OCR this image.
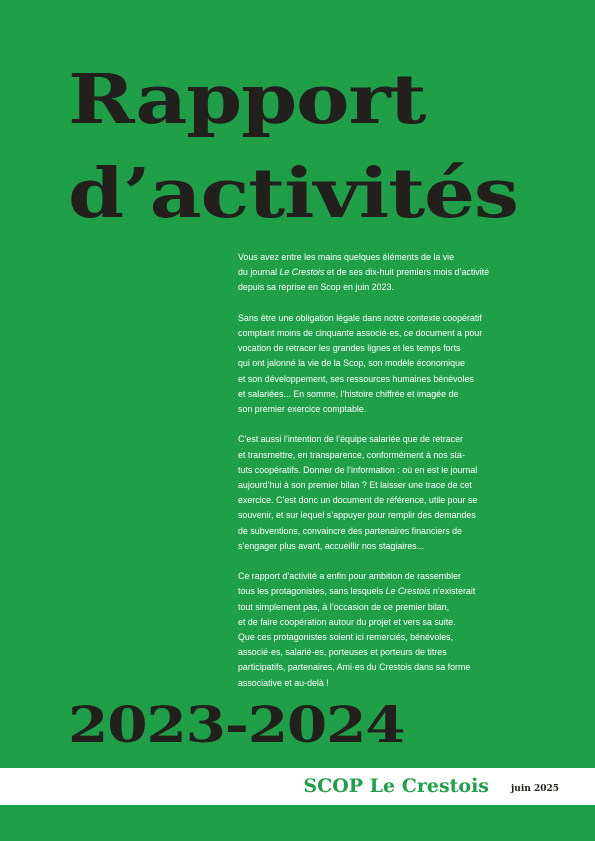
Rapport
d’activités

Vous avez entre les mains quelques éléments de la vie
du journal Le Crestois et de ses dix-huit premiers mois d’activité
depuis sa reprise en Scop en juin 2023.

Sans être une obligation légale dans notre contexte coopératif
comptant moins de cinquante associé·es, ce document a pour
vocation de retracer les grandes lignes et les temps forts
qui ont jalonné la vie de la Scop, son modèle économique
et son développement, ses ressources humaines bénévoles
et salariées... En somme, l’histoire chiffrée et imagée de
son premier exercice comptable.

C’est aussi l’intention de l’équipe salariée que de retracer
et transmettre, en transparence, conformément à nos sta-
tuts coopératifs. Donner de l’information : où en est le journal
aujourd’hui à son premier bilan ? Et laisser une trace de cet
exercice. C’est donc un document de référence, utile pour se
souvenir, et sur lequel s’appuyer pour remplir des demandes
de subventions, convaincre des partenaires financiers de
s’engager plus avant, accueillir nos stagiaires...

Ce rapport d’activité a enfin pour ambition de rassembler
tous les protagonistes, sans lesquels Le Crestois n’existerait
tout simplement pas, à l’occasion de ce premier bilan,
et de faire coopération autour du projet et vers sa suite.
Que ces protagonistes soient ici remerciés, bénévoles,
associé·es, salarié·es, porteuses et porteurs de titres
participatifs, partenaires, Ami·es du Crestois dans sa forme
associative et au-delà !

2023-2024
SCOP Le Crestois juin 2025
